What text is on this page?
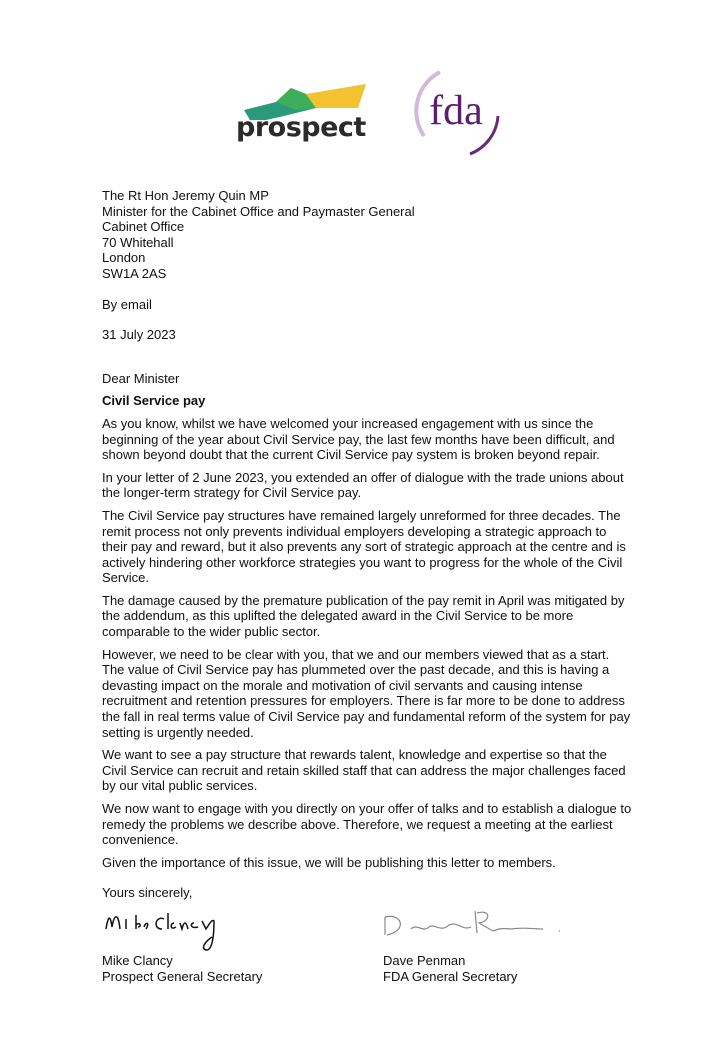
prospect	fda
The Rt Hon Jeremy Quin MP
Minister for the Cabinet Office and Paymaster General
Cabinet Office
70 Whitehall
London
SW1A 2AS

By email

31 July 2023

Dear Minister

Civil Service pay

As you know, whilst we have welcomed your increased engagement with us since the beginning of the year about Civil Service pay, the last few months have been difficult, and shown beyond doubt that the current Civil Service pay system is broken beyond repair.

In your letter of 2 June 2023, you extended an offer of dialogue with the trade unions about the longer-term strategy for Civil Service pay.

The Civil Service pay structures have remained largely unreformed for three decades. The remit process not only prevents individual employers developing a strategic approach to their pay and reward, but it also prevents any sort of strategic approach at the centre and is actively hindering other workforce strategies you want to progress for the whole of the Civil Service.

The damage caused by the premature publication of the pay remit in April was mitigated by the addendum, as this uplifted the delegated award in the Civil Service to be more comparable to the wider public sector.

However, we need to be clear with you, that we and our members viewed that as a start. The value of Civil Service pay has plummeted over the past decade, and this is having a devasting impact on the morale and motivation of civil servants and causing intense recruitment and retention pressures for employers. There is far more to be done to address the fall in real terms value of Civil Service pay and fundamental reform of the system for pay setting is urgently needed.

We want to see a pay structure that rewards talent, knowledge and expertise so that the Civil Service can recruit and retain skilled staff that can address the major challenges faced by our vital public services.

We now want to engage with you directly on your offer of talks and to establish a dialogue to remedy the problems we describe above. Therefore, we request a meeting at the earliest convenience.

Given the importance of this issue, we will be publishing this letter to members.

Yours sincerely,

Mike Clancy
Prospect General Secretary
Dave Penman
FDA General Secretary
